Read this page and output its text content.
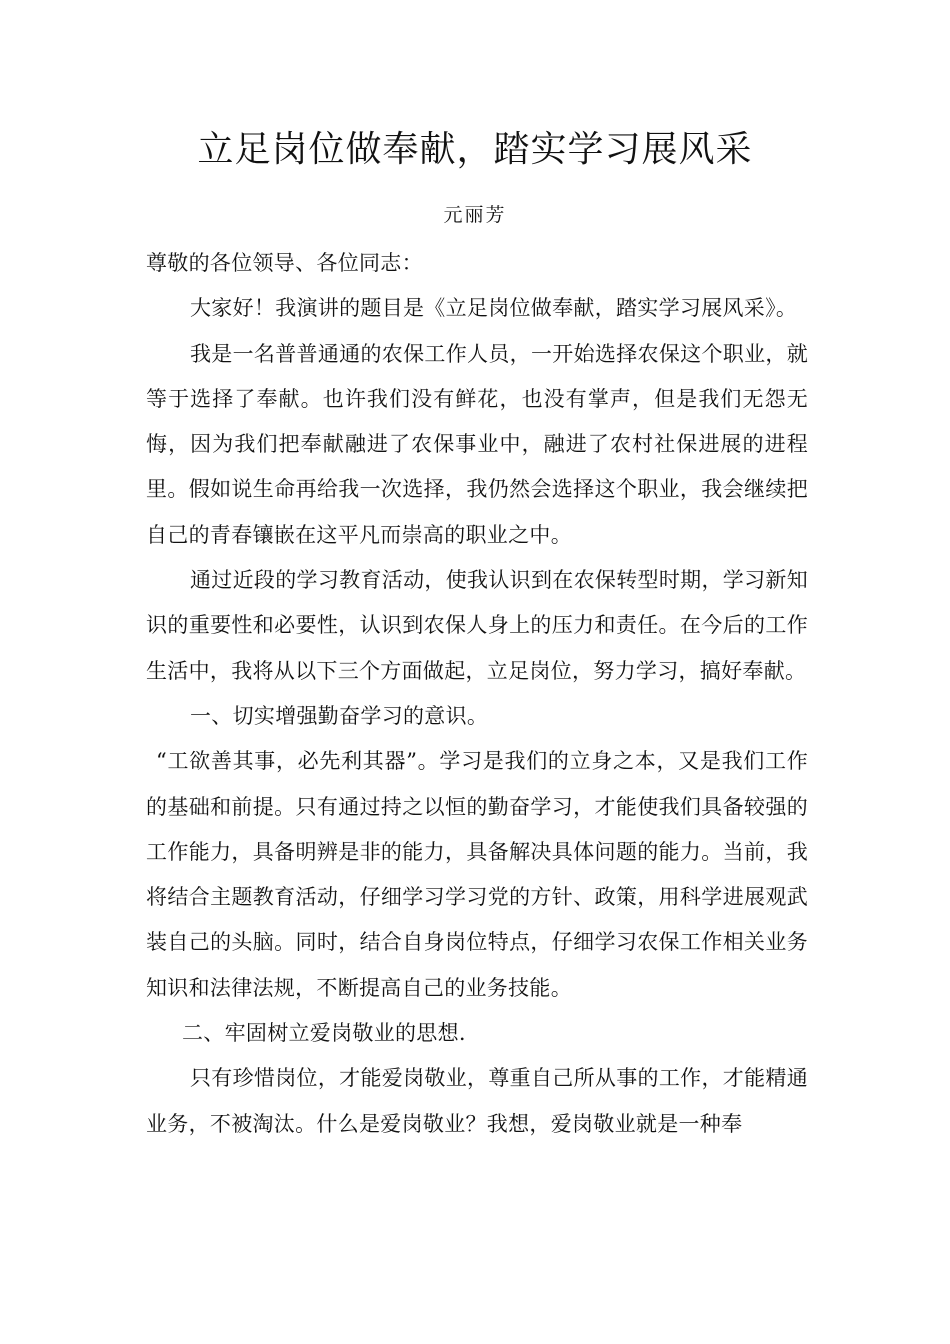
立足岗位做奉献，踏实学习展风采
元丽芳

尊敬的各位领导、各位同志：

大家好！我演讲的题目是《立足岗位做奉献，踏实学习展风采》。

我是一名普普通通的农保工作人员，一开始选择农保这个职业，就等于选择了奉献。也许我们没有鲜花，也没有掌声，但是我们无怨无悔，因为我们把奉献融进了农保事业中，融进了农村社保进展的进程里。假如说生命再给我一次选择，我仍然会选择这个职业，我会继续把自己的青春镶嵌在这平凡而崇高的职业之中。

通过近段的学习教育活动，使我认识到在农保转型时期，学习新知识的重要性和必要性，认识到农保人身上的压力和责任。在今后的工作生活中，我将从以下三个方面做起，立足岗位，努力学习，搞好奉献。

一、切实增强勤奋学习的意识。

“工欲善其事，必先利其器”。学习是我们的立身之本，又是我们工作的基础和前提。只有通过持之以恒的勤奋学习，才能使我们具备较强的工作能力，具备明辨是非的能力，具备解决具体问题的能力。当前，我将结合主题教育活动，仔细学习学习党的方针、政策，用科学进展观武装自己的头脑。同时，结合自身岗位特点，仔细学习农保工作相关业务知识和法律法规，不断提高自己的业务技能。

二、牢固树立爱岗敬业的思想.

只有珍惜岗位，才能爱岗敬业，尊重自己所从事的工作，才能精通业务，不被淘汰。什么是爱岗敬业？我想，爱岗敬业就是一种奉
